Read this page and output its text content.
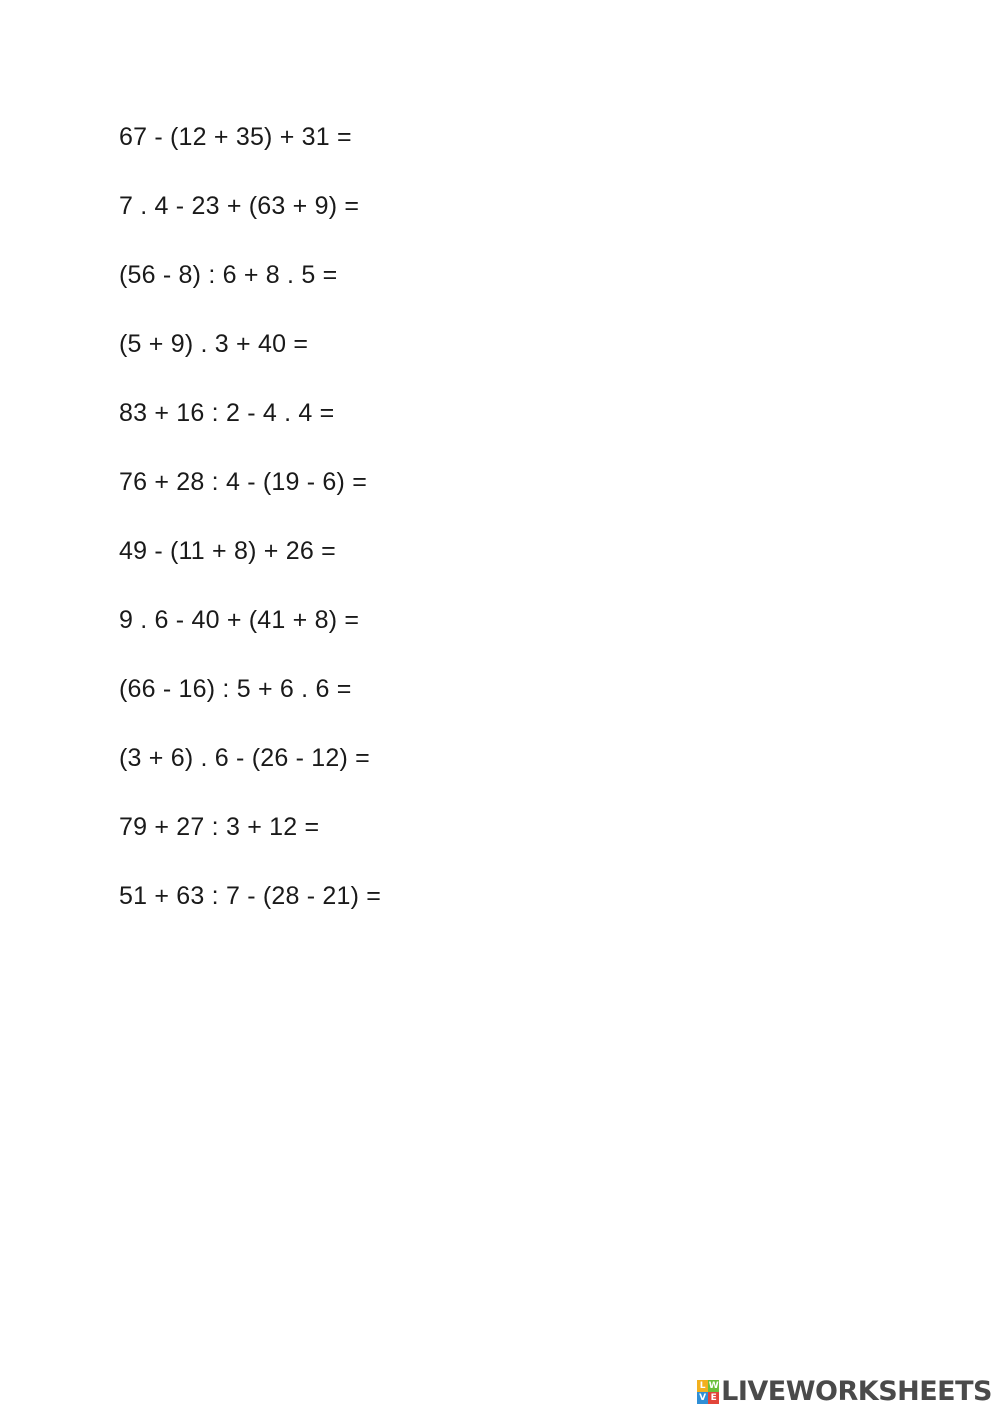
67 - (12 + 35) + 31 =
7 . 4 - 23 + (63 + 9) =
(56 - 8) : 6 + 8 . 5 =
(5 + 9) . 3 + 40 =
83 + 16 : 2 - 4 . 4 =
76 + 28 : 4 - (19 - 6) =
49 - (11 + 8) + 26 =
9 . 6 - 40 + (41 + 8) =
(66 - 16) : 5 + 6 . 6 =
(3 + 6) . 6 - (26 - 12) =
79 + 27 : 3 + 12 =
51 + 63 : 7 - (28 - 21) =
L W
V E LIVEWORKSHEETS
